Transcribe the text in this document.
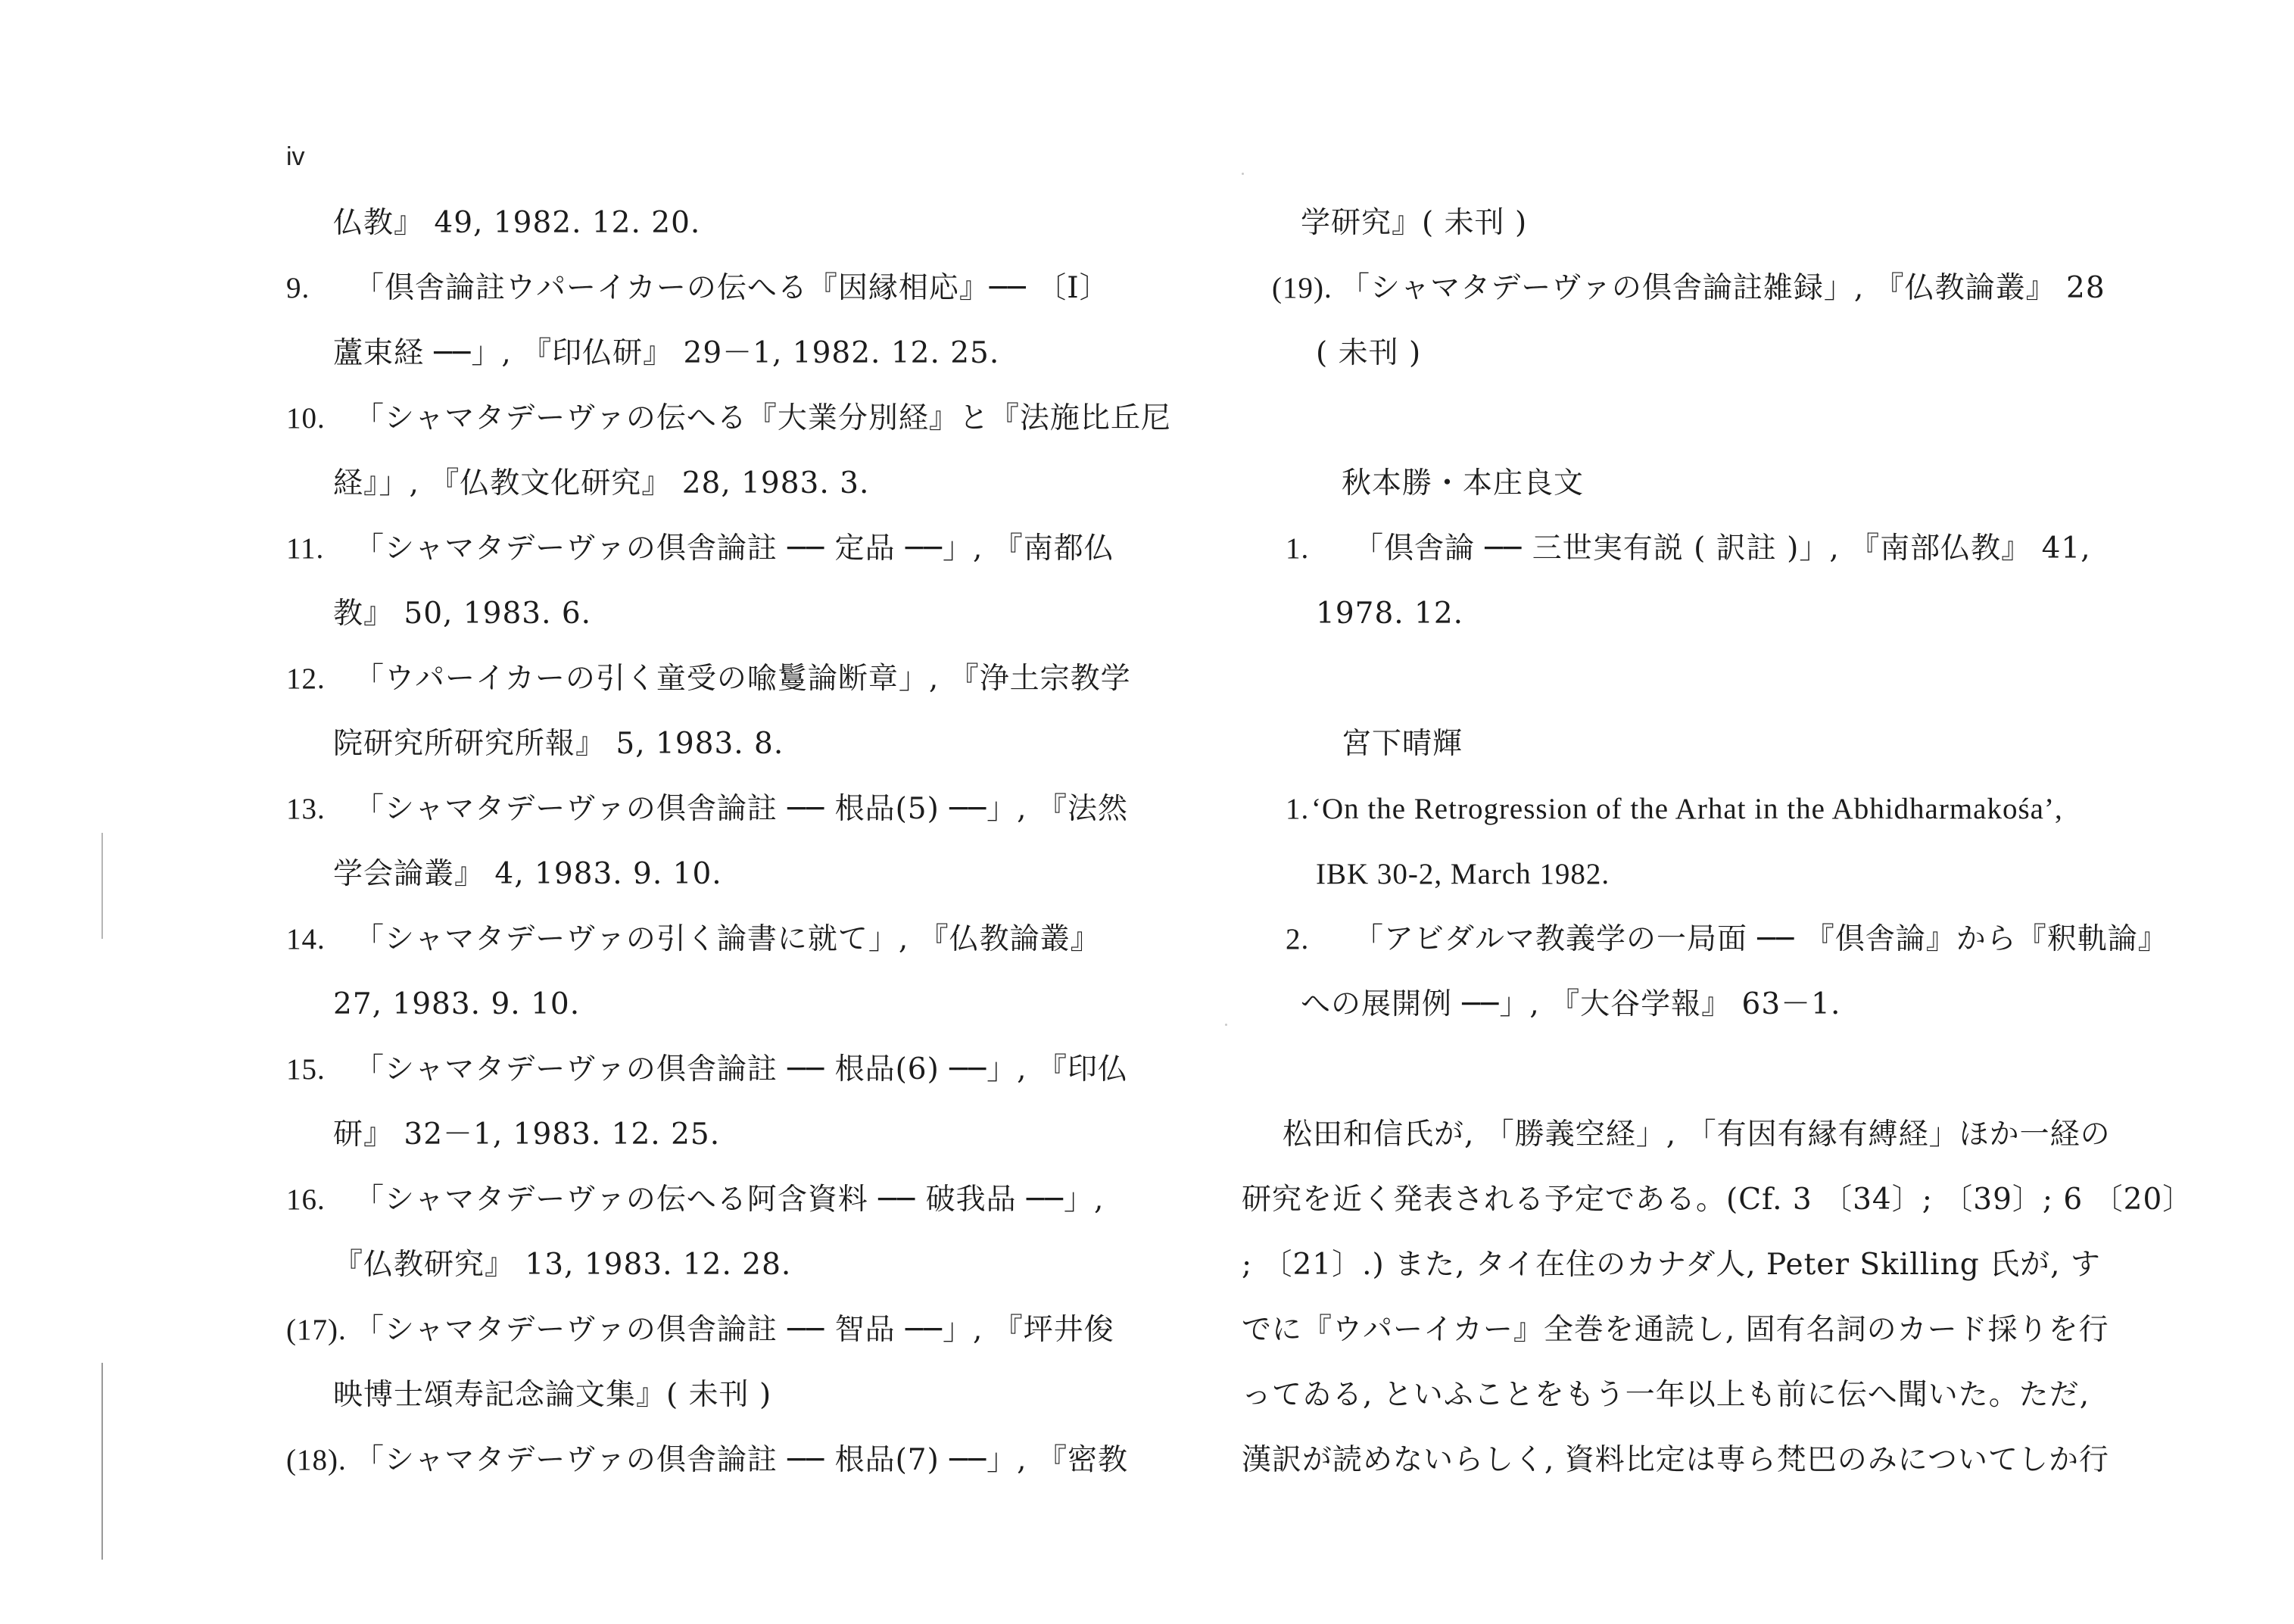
iv
仏教』 49, 1982. 12. 20.
9. 「倶舎論註ウパーイカーの伝へる『因縁相応』── 〔I〕
蘆束経 ──」, 『印仏研』 29－1, 1982. 12. 25.
10. 「シャマタデーヴァの伝へる『大業分別経』と『法施比丘尼
経』」, 『仏教文化研究』 28, 1983. 3.
11. 「シャマタデーヴァの倶舎論註 ── 定品 ──」, 『南都仏
教』 50, 1983. 6.
12. 「ウパーイカーの引く童受の喩鬘論断章」, 『浄土宗教学
院研究所研究所報』 5, 1983. 8.
13. 「シャマタデーヴァの倶舎論註 ── 根品(5) ──」, 『法然
学会論叢』 4, 1983. 9. 10.
14. 「シャマタデーヴァの引く論書に就て」, 『仏教論叢』
27, 1983. 9. 10.
15. 「シャマタデーヴァの倶舎論註 ── 根品(6) ──」, 『印仏
研』 32－1, 1983. 12. 25.
16. 「シャマタデーヴァの伝へる阿含資料 ── 破我品 ──」,
『仏教研究』 13, 1983. 12. 28.
(17). 「シャマタデーヴァの倶舎論註 ── 智品 ──」, 『坪井俊
映博士頌寿記念論文集』( 未刊 )
(18). 「シャマタデーヴァの倶舎論註 ── 根品(7) ──」, 『密教
学研究』( 未刊 )
(19). 「シャマタデーヴァの倶舎論註雑録」, 『仏教論叢』 28
( 未刊 )
秋本勝・本庄良文
1. 「倶舎論 ── 三世実有説 ( 訳註 )」, 『南部仏教』 41,
1978. 12.
宮下晴輝
1.‘On the Retrogression of the Arhat in the Abhidharmakośa’,
IBK 30-2, March 1982.
2. 「アビダルマ教義学の一局面 ── 『倶舎論』から『釈軌論』
への展開例 ──」, 『大谷学報』 63－1.
松田和信氏が, 「勝義空経」, 「有因有縁有縛経」ほか一経の
研究を近く発表される予定である。(Cf. 3 〔34〕; 〔39〕; 6 〔20〕
; 〔21〕.) また, タイ在住のカナダ人, Peter Skilling 氏が, す
でに『ウパーイカー』全巻を通読し, 固有名詞のカード採りを行
ってゐる, といふことをもう一年以上も前に伝へ聞いた。ただ,
漢訳が読めないらしく, 資料比定は専ら梵巴のみについてしか行
